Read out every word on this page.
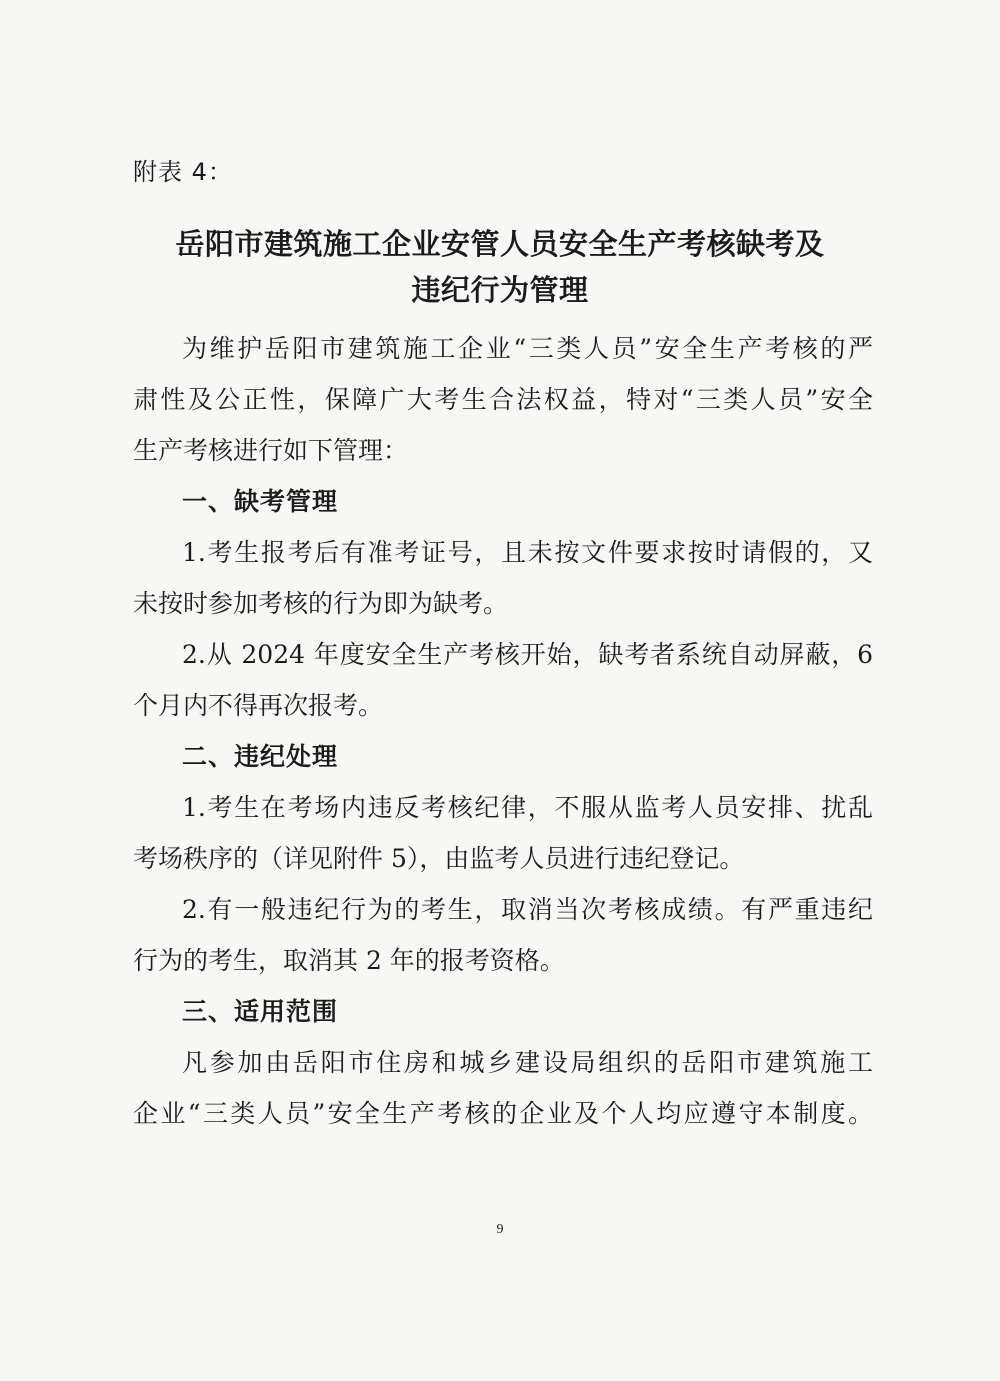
附表 4：
岳阳市建筑施工企业安管人员安全生产考核缺考及
违纪行为管理
为维护岳阳市建筑施工企业“三类人员”安全生产考核的严
肃性及公正性，保障广大考生合法权益，特对“三类人员”安全
生产考核进行如下管理：
一、缺考管理
1.考生报考后有准考证号，且未按文件要求按时请假的，又
未按时参加考核的行为即为缺考。
2.从 2024 年度安全生产考核开始，缺考者系统自动屏蔽，6
个月内不得再次报考。
二、违纪处理
1.考生在考场内违反考核纪律，不服从监考人员安排、扰乱
考场秩序的（详见附件 5），由监考人员进行违纪登记。
2.有一般违纪行为的考生，取消当次考核成绩。有严重违纪
行为的考生，取消其 2 年的报考资格。
三、适用范围
凡参加由岳阳市住房和城乡建设局组织的岳阳市建筑施工
企业“三类人员”安全生产考核的企业及个人均应遵守本制度。
9
